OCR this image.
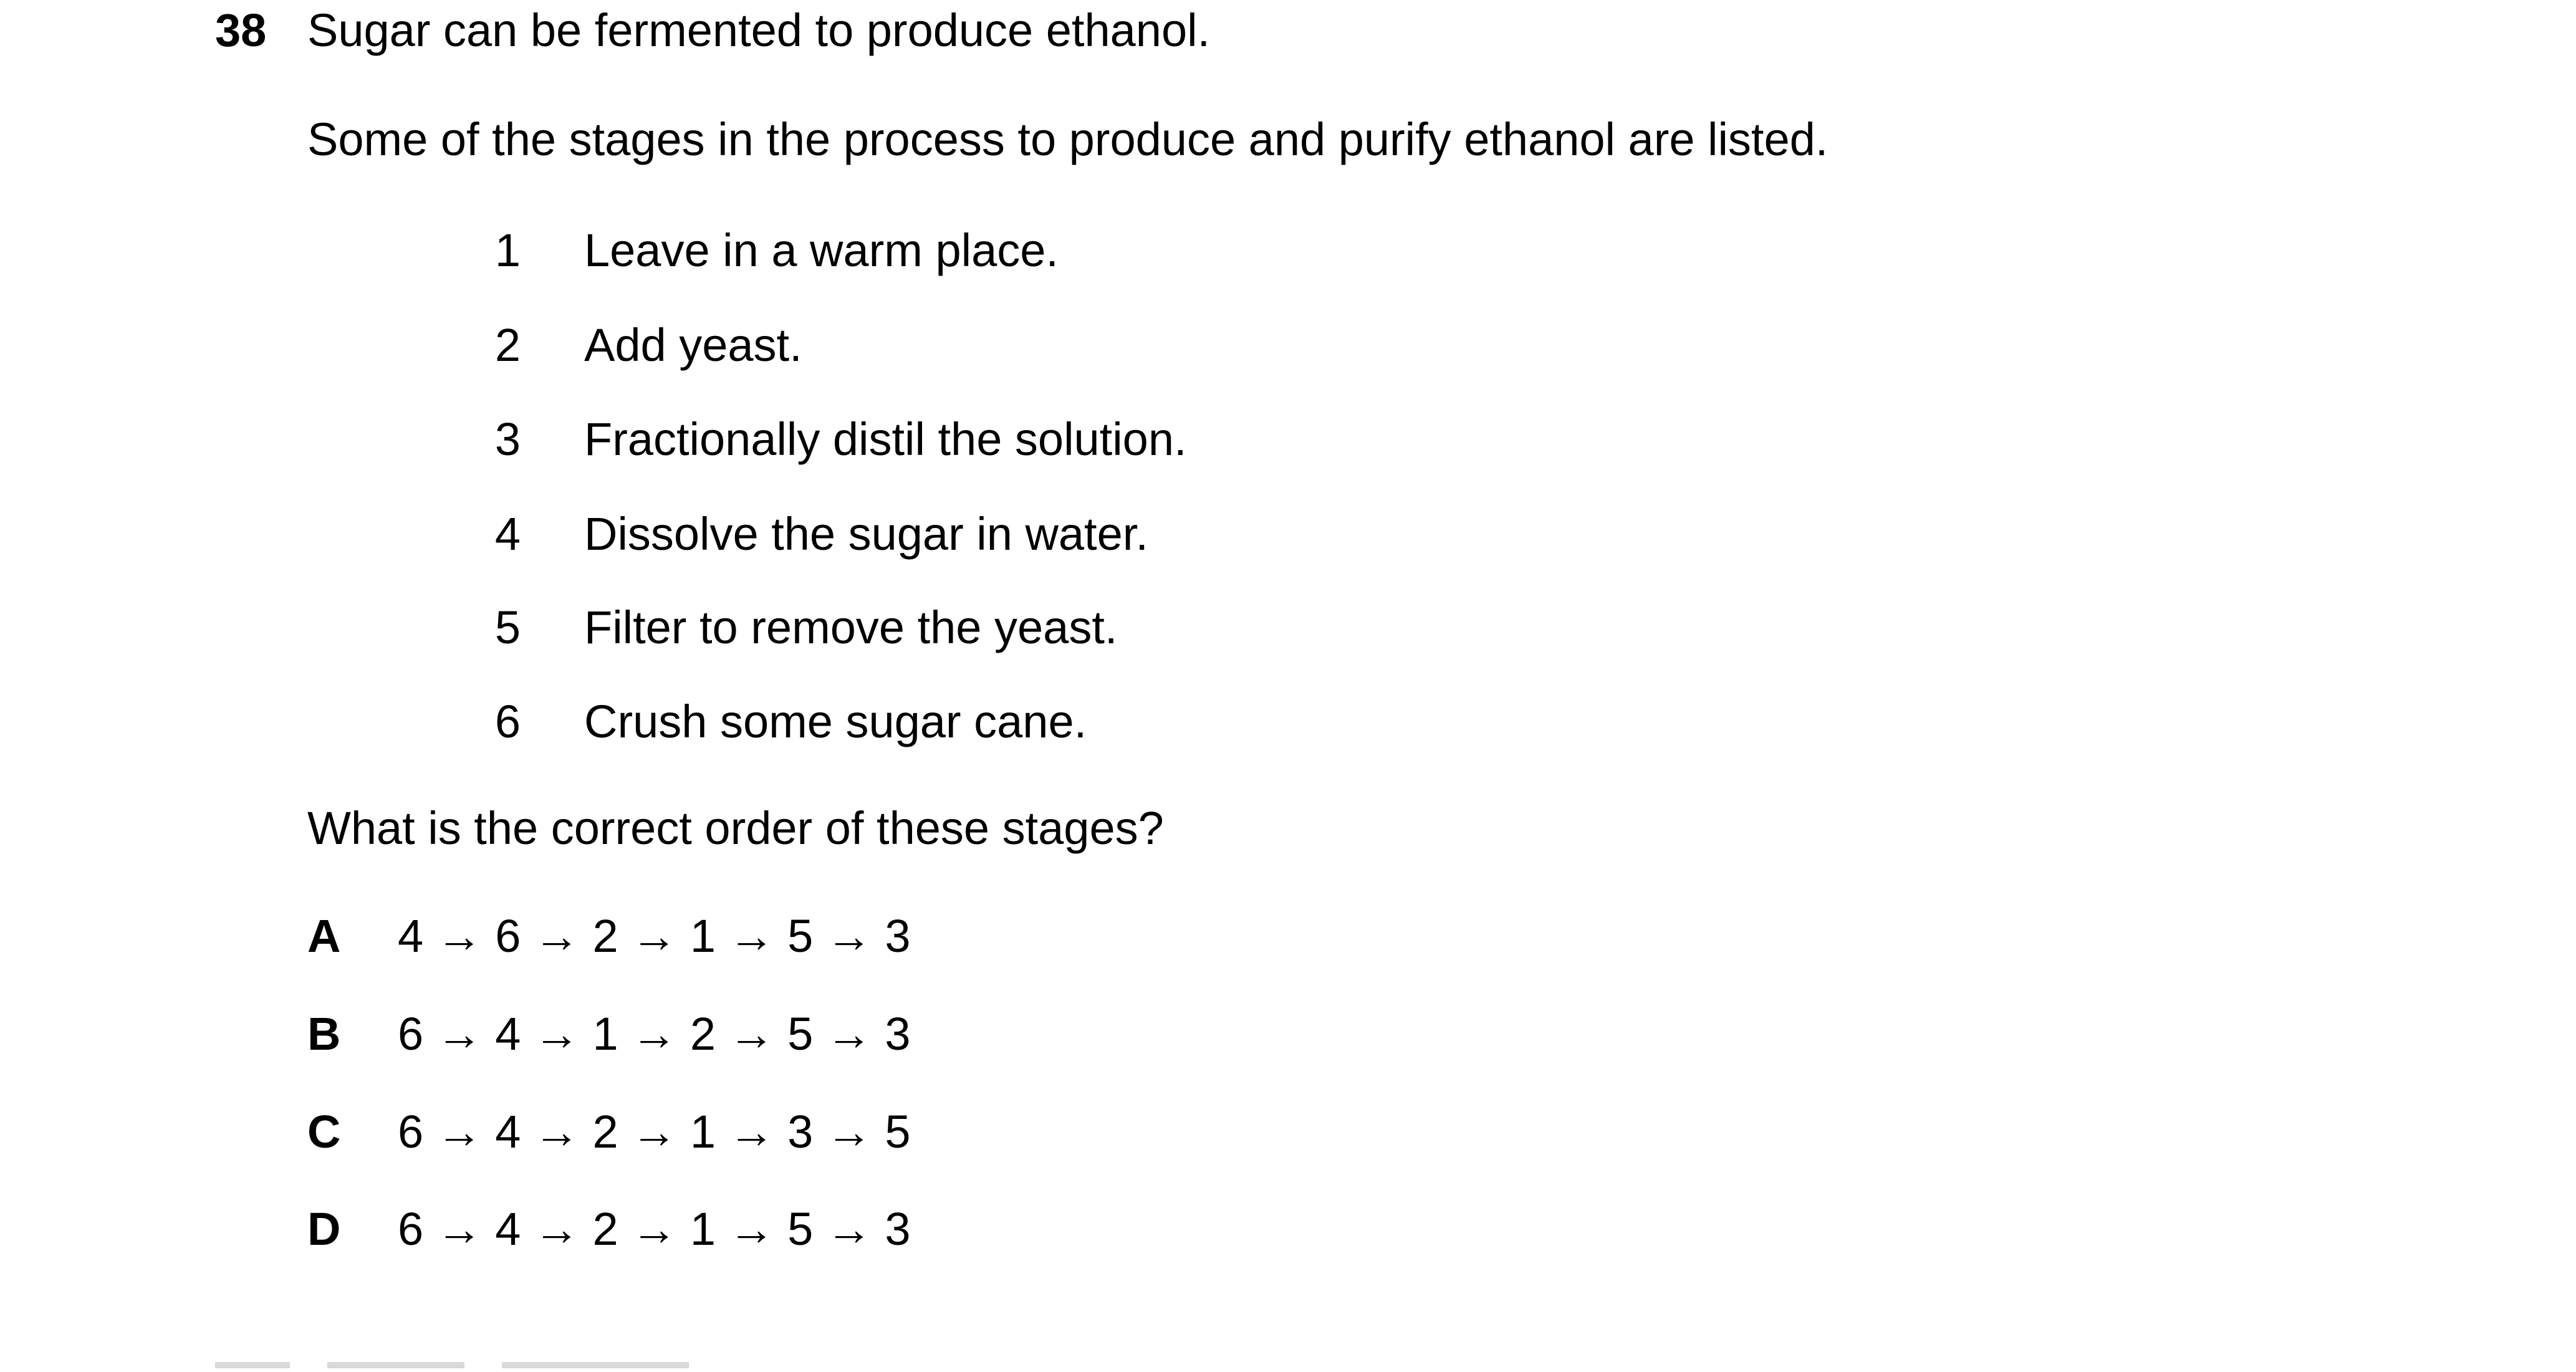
38 Sugar can be fermented to produce ethanol.
Some of the stages in the process to produce and purify ethanol are listed.
1 Leave in a warm place.
2 Add yeast.
3 Fractionally distil the solution.
4 Dissolve the sugar in water.
5 Filter to remove the yeast.
6 Crush some sugar cane.
What is the correct order of these stages?
A 4 → 6 → 2 → 1 → 5 → 3
B 6 → 4 → 1 → 2 → 5 → 3
C 6 → 4 → 2 → 1 → 3 → 5
D 6 → 4 → 2 → 1 → 5 → 3
